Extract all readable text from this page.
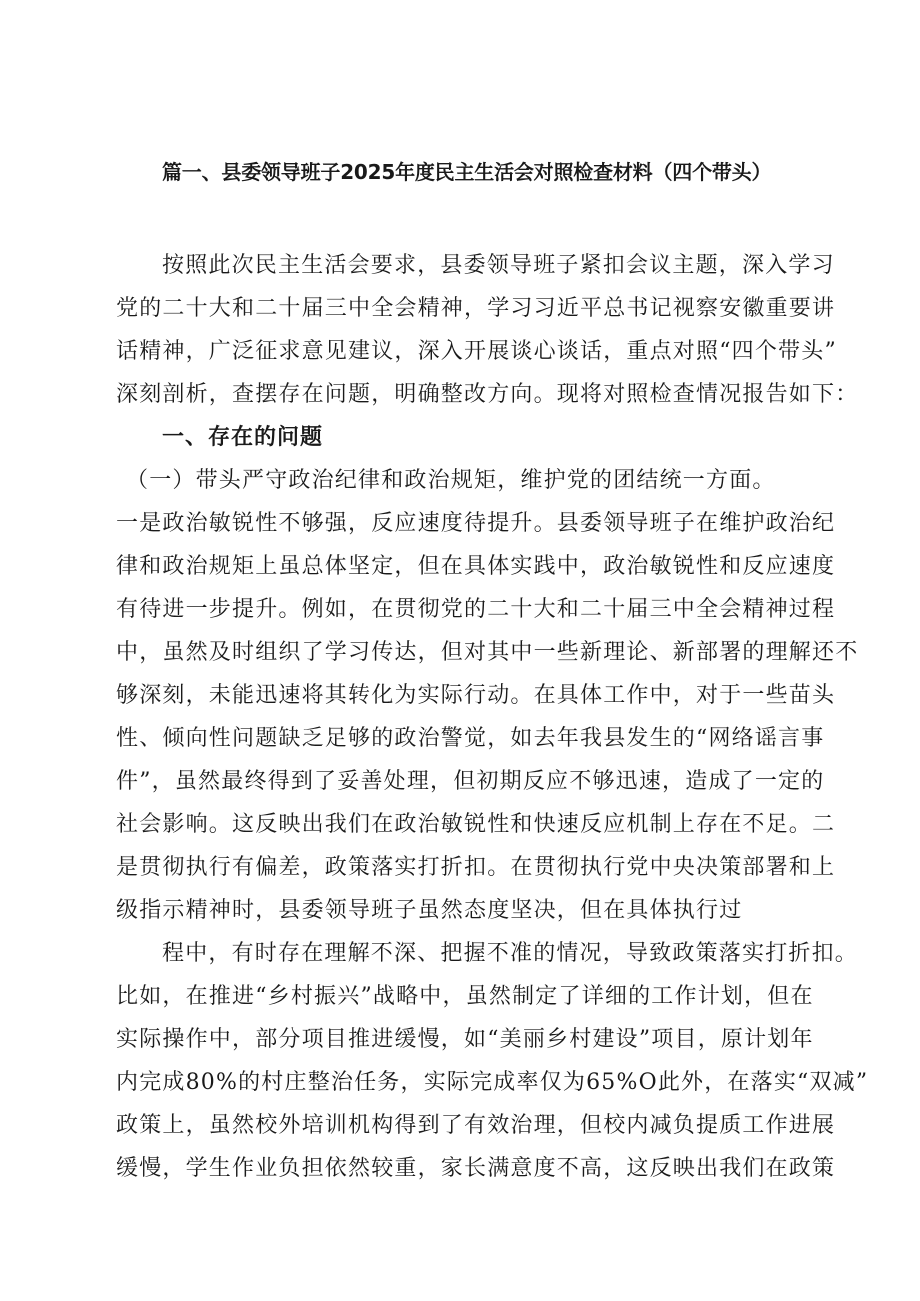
篇一、县委领导班子2025年度民主生活会对照检查材料（四个带头）
按照此次民主生活会要求，县委领导班子紧扣会议主题，深入学习
党的二十大和二十届三中全会精神，学习习近平总书记视察安徽重要讲
话精神，广泛征求意见建议，深入开展谈心谈话，重点对照“四个带头”
深刻剖析，查摆存在问题，明确整改方向。现将对照检查情况报告如下：
一、存在的问题
（一）带头严守政治纪律和政治规矩，维护党的团结统一方面。
一是政治敏锐性不够强，反应速度待提升。县委领导班子在维护政治纪
律和政治规矩上虽总体坚定，但在具体实践中，政治敏锐性和反应速度
有待进一步提升。例如，在贯彻党的二十大和二十届三中全会精神过程
中，虽然及时组织了学习传达，但对其中一些新理论、新部署的理解还不
够深刻，未能迅速将其转化为实际行动。在具体工作中，对于一些苗头
性、倾向性问题缺乏足够的政治警觉，如去年我县发生的“网络谣言事
件”，虽然最终得到了妥善处理，但初期反应不够迅速，造成了一定的
社会影响。这反映出我们在政治敏锐性和快速反应机制上存在不足。二
是贯彻执行有偏差，政策落实打折扣。在贯彻执行党中央决策部署和上
级指示精神时，县委领导班子虽然态度坚决，但在具体执行过
程中，有时存在理解不深、把握不准的情况，导致政策落实打折扣。
比如，在推进“乡村振兴”战略中，虽然制定了详细的工作计划，但在
实际操作中，部分项目推进缓慢，如“美丽乡村建设”项目，原计划年
内完成80%的村庄整治任务，实际完成率仅为65%O此外，在落实“双减”
政策上，虽然校外培训机构得到了有效治理，但校内减负提质工作进展
缓慢，学生作业负担依然较重，家长满意度不高，这反映出我们在政策
